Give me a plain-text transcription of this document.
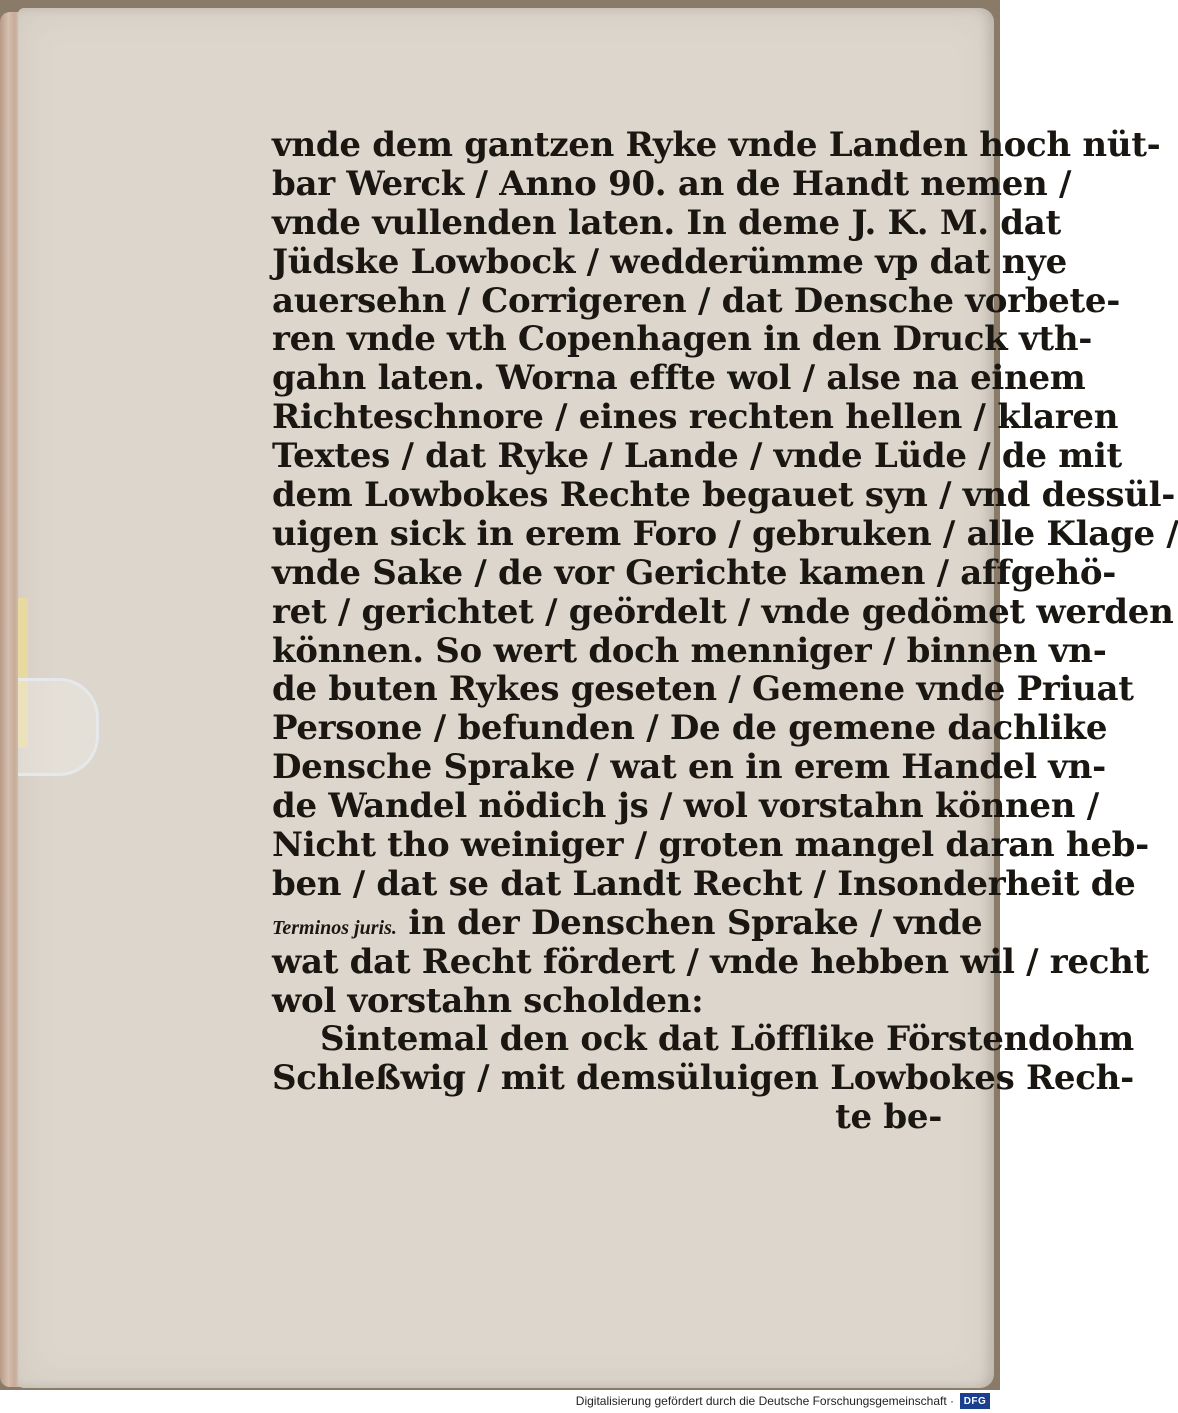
vnde dem gantzen Ryke vnde Landen hoch nüt-
bar Werck / Anno 90. an de Handt nemen /
vnde vullenden laten. In deme J. K. M. dat
Jüdske Lowbock / wedderümme vp dat nye
auersehn / Corrigeren / dat Densche vorbete-
ren vnde vth Copenhagen in den Druck vth-
gahn laten. Worna effte wol / alse na einem
Richteschnore / eines rechten hellen / klaren
Textes / dat Ryke / Lande / vnde Lüde / de mit
dem Lowbokes Rechte begauet syn / vnd dessül-
uigen sick in erem Foro / gebruken / alle Klage /
vnde Sake / de vor Gerichte kamen / affgehö-
ret / gerichtet / geördelt / vnde gedömet werden
können. So wert doch menniger / binnen vn-
de buten Rykes geseten / Gemene vnde Priuat
Persone / befunden / De de gemene dachlike
Densche Sprake / wat en in erem Handel vn-
de Wandel nödich js / wol vorstahn können /
Nicht tho weiniger / groten mangel daran heb-
ben / dat se dat Landt Recht / Insonderheit de
Terminos juris. in der Denschen Sprake / vnde
wat dat Recht fördert / vnde hebben wil / recht
wol vorstahn scholden:
Sintemal den ock dat Löfflike Förstendohm
Schleßwig / mit demsüluigen Lowbokes Rech-
te be-
Digitalisierung gefördert durch die Deutsche Forschungsgemeinschaft · DFG
